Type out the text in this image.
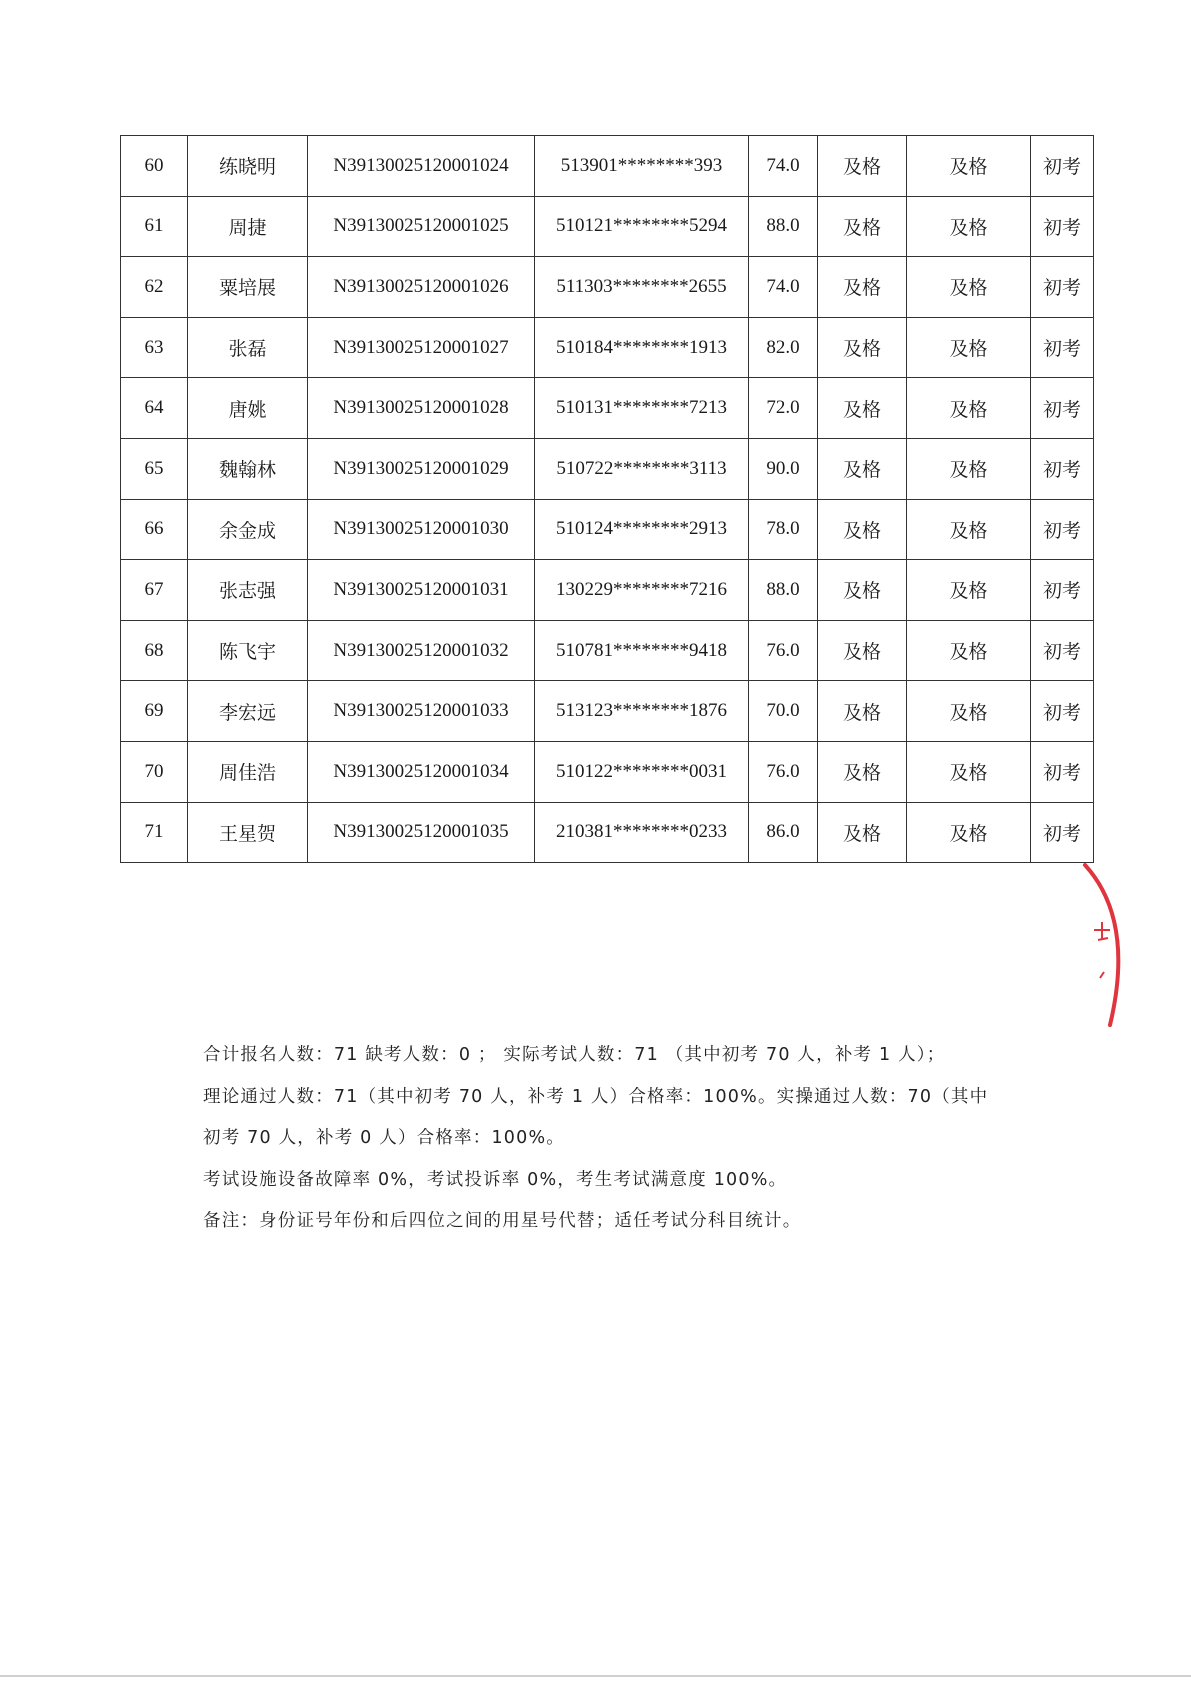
60	练晓明	N39130025120001024	513901********393	74.0	及格	及格	初考
61	周捷	N39130025120001025	510121********5294	88.0	及格	及格	初考
62	粟培展	N39130025120001026	511303********2655	74.0	及格	及格	初考
63	张磊	N39130025120001027	510184********1913	82.0	及格	及格	初考
64	唐姚	N39130025120001028	510131********7213	72.0	及格	及格	初考
65	魏翰林	N39130025120001029	510722********3113	90.0	及格	及格	初考
66	余金成	N39130025120001030	510124********2913	78.0	及格	及格	初考
67	张志强	N39130025120001031	130229********7216	88.0	及格	及格	初考
68	陈飞宇	N39130025120001032	510781********9418	76.0	及格	及格	初考
69	李宏远	N39130025120001033	513123********1876	70.0	及格	及格	初考
70	周佳浩	N39130025120001034	510122********0031	76.0	及格	及格	初考
71	王星贺	N39130025120001035	210381********0233	86.0	及格	及格	初考

合计报名人数：71 缺考人数：0 ； 实际考试人数：71 （其中初考 70 人，补考 1 人）；

理论通过人数：71（其中初考 70 人，补考 1 人）合格率：100%。实操通过人数：70（其中

初考 70 人，补考 0 人）合格率：100%。

考试设施设备故障率 0%，考试投诉率 0%，考生考试满意度 100%。

备注：身份证号年份和后四位之间的用星号代替；适任考试分科目统计。
